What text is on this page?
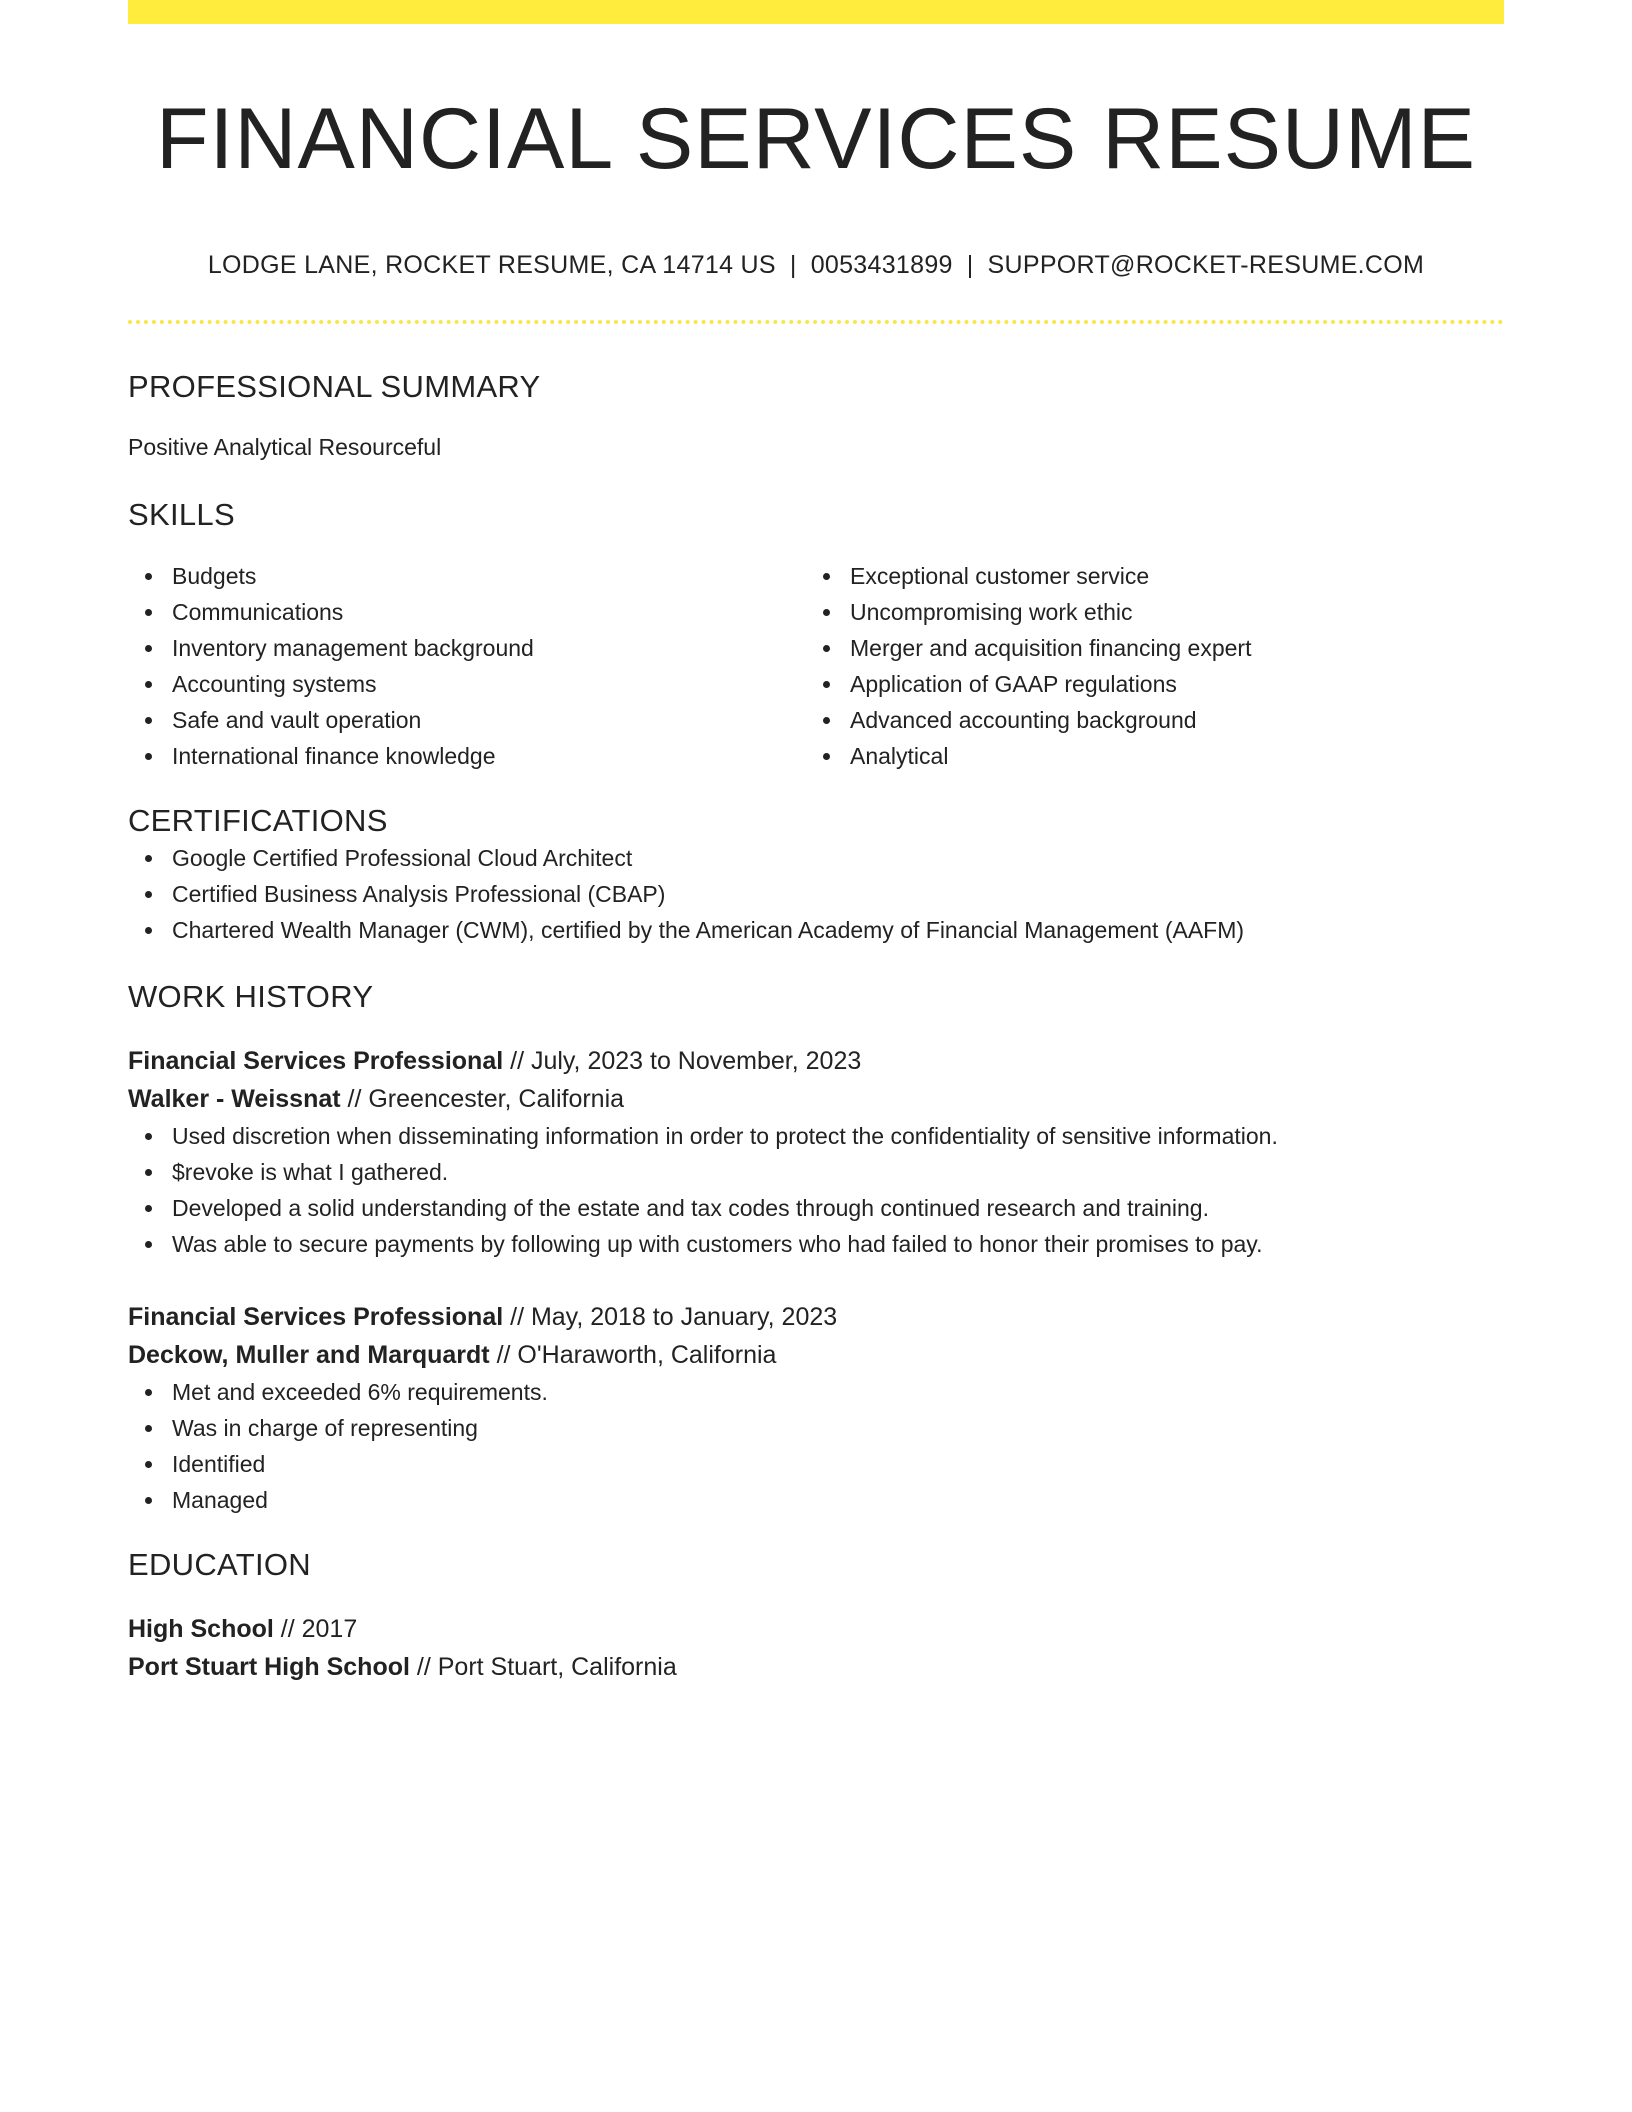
FINANCIAL SERVICES RESUME
LODGE LANE, ROCKET RESUME, CA 14714 US | 0053431899 | SUPPORT@ROCKET-RESUME.COM
PROFESSIONAL SUMMARY
Positive Analytical Resourceful
SKILLS
Budgets
Communications
Inventory management background
Accounting systems
Safe and vault operation
International finance knowledge
Exceptional customer service
Uncompromising work ethic
Merger and acquisition financing expert
Application of GAAP regulations
Advanced accounting background
Analytical
CERTIFICATIONS
Google Certified Professional Cloud Architect
Certified Business Analysis Professional (CBAP)
Chartered Wealth Manager (CWM), certified by the American Academy of Financial Management (AAFM)
WORK HISTORY
Financial Services Professional // July, 2023 to November, 2023
Walker - Weissnat // Greencester, California
Used discretion when disseminating information in order to protect the confidentiality of sensitive information.
$revoke is what I gathered.
Developed a solid understanding of the estate and tax codes through continued research and training.
Was able to secure payments by following up with customers who had failed to honor their promises to pay.
Financial Services Professional // May, 2018 to January, 2023
Deckow, Muller and Marquardt // O'Haraworth, California
Met and exceeded 6% requirements.
Was in charge of representing
Identified
Managed
EDUCATION
High School // 2017
Port Stuart High School // Port Stuart, California
